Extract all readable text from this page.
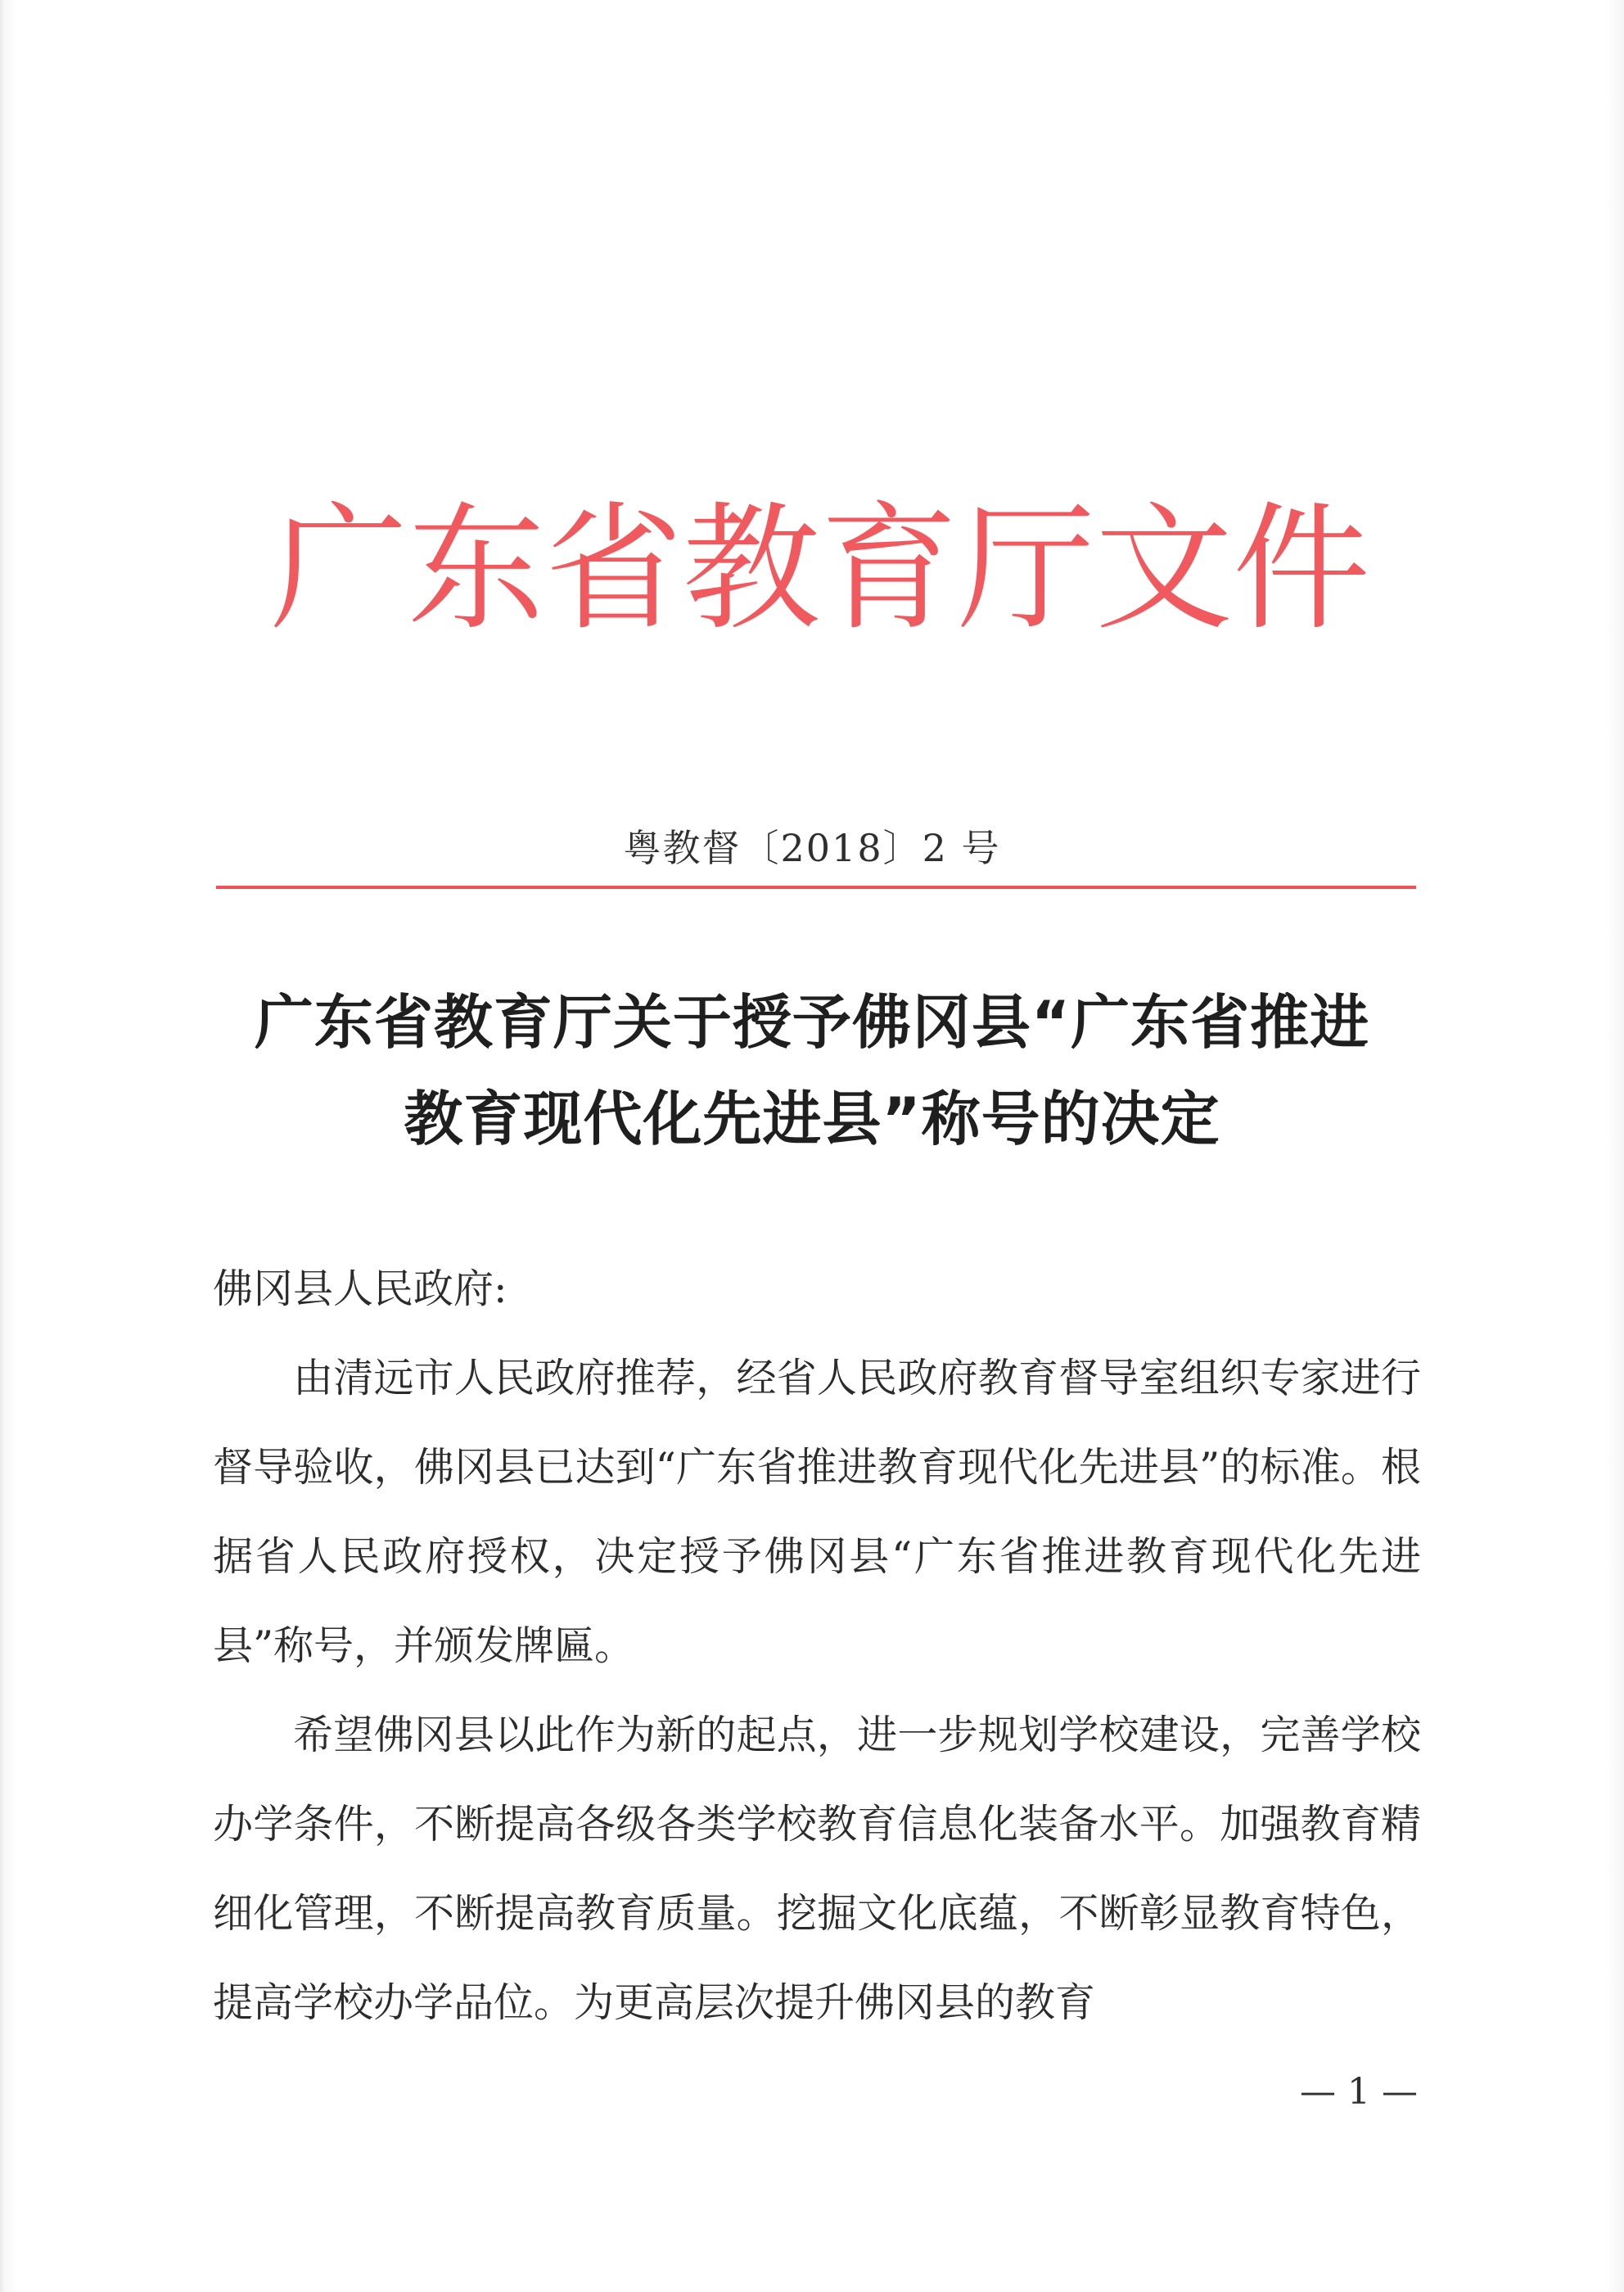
广 东 省 教 育 厅 文 件
粤教督〔2018〕2 号
广东省教育厅关于授予佛冈县“广东省推进
教育现代化先进县”称号的决定

佛冈县人民政府:

由清远市人民政府推荐，经省人民政府教育督导室组织专家进行督导验收，佛冈县已达到“广东省推进教育现代化先进县”的标准。根据省人民政府授权，决定授予佛冈县“广东省推进教育现代化先进县”称号，并颁发牌匾。

希望佛冈县以此作为新的起点，进一步规划学校建设，完善学校办学条件，不断提高各级各类学校教育信息化装备水平。加强教育精细化管理，不断提高教育质量。挖掘文化底蕴，不断彰显教育特色，提高学校办学品位。为更高层次提升佛冈县的教育

— 1 —
